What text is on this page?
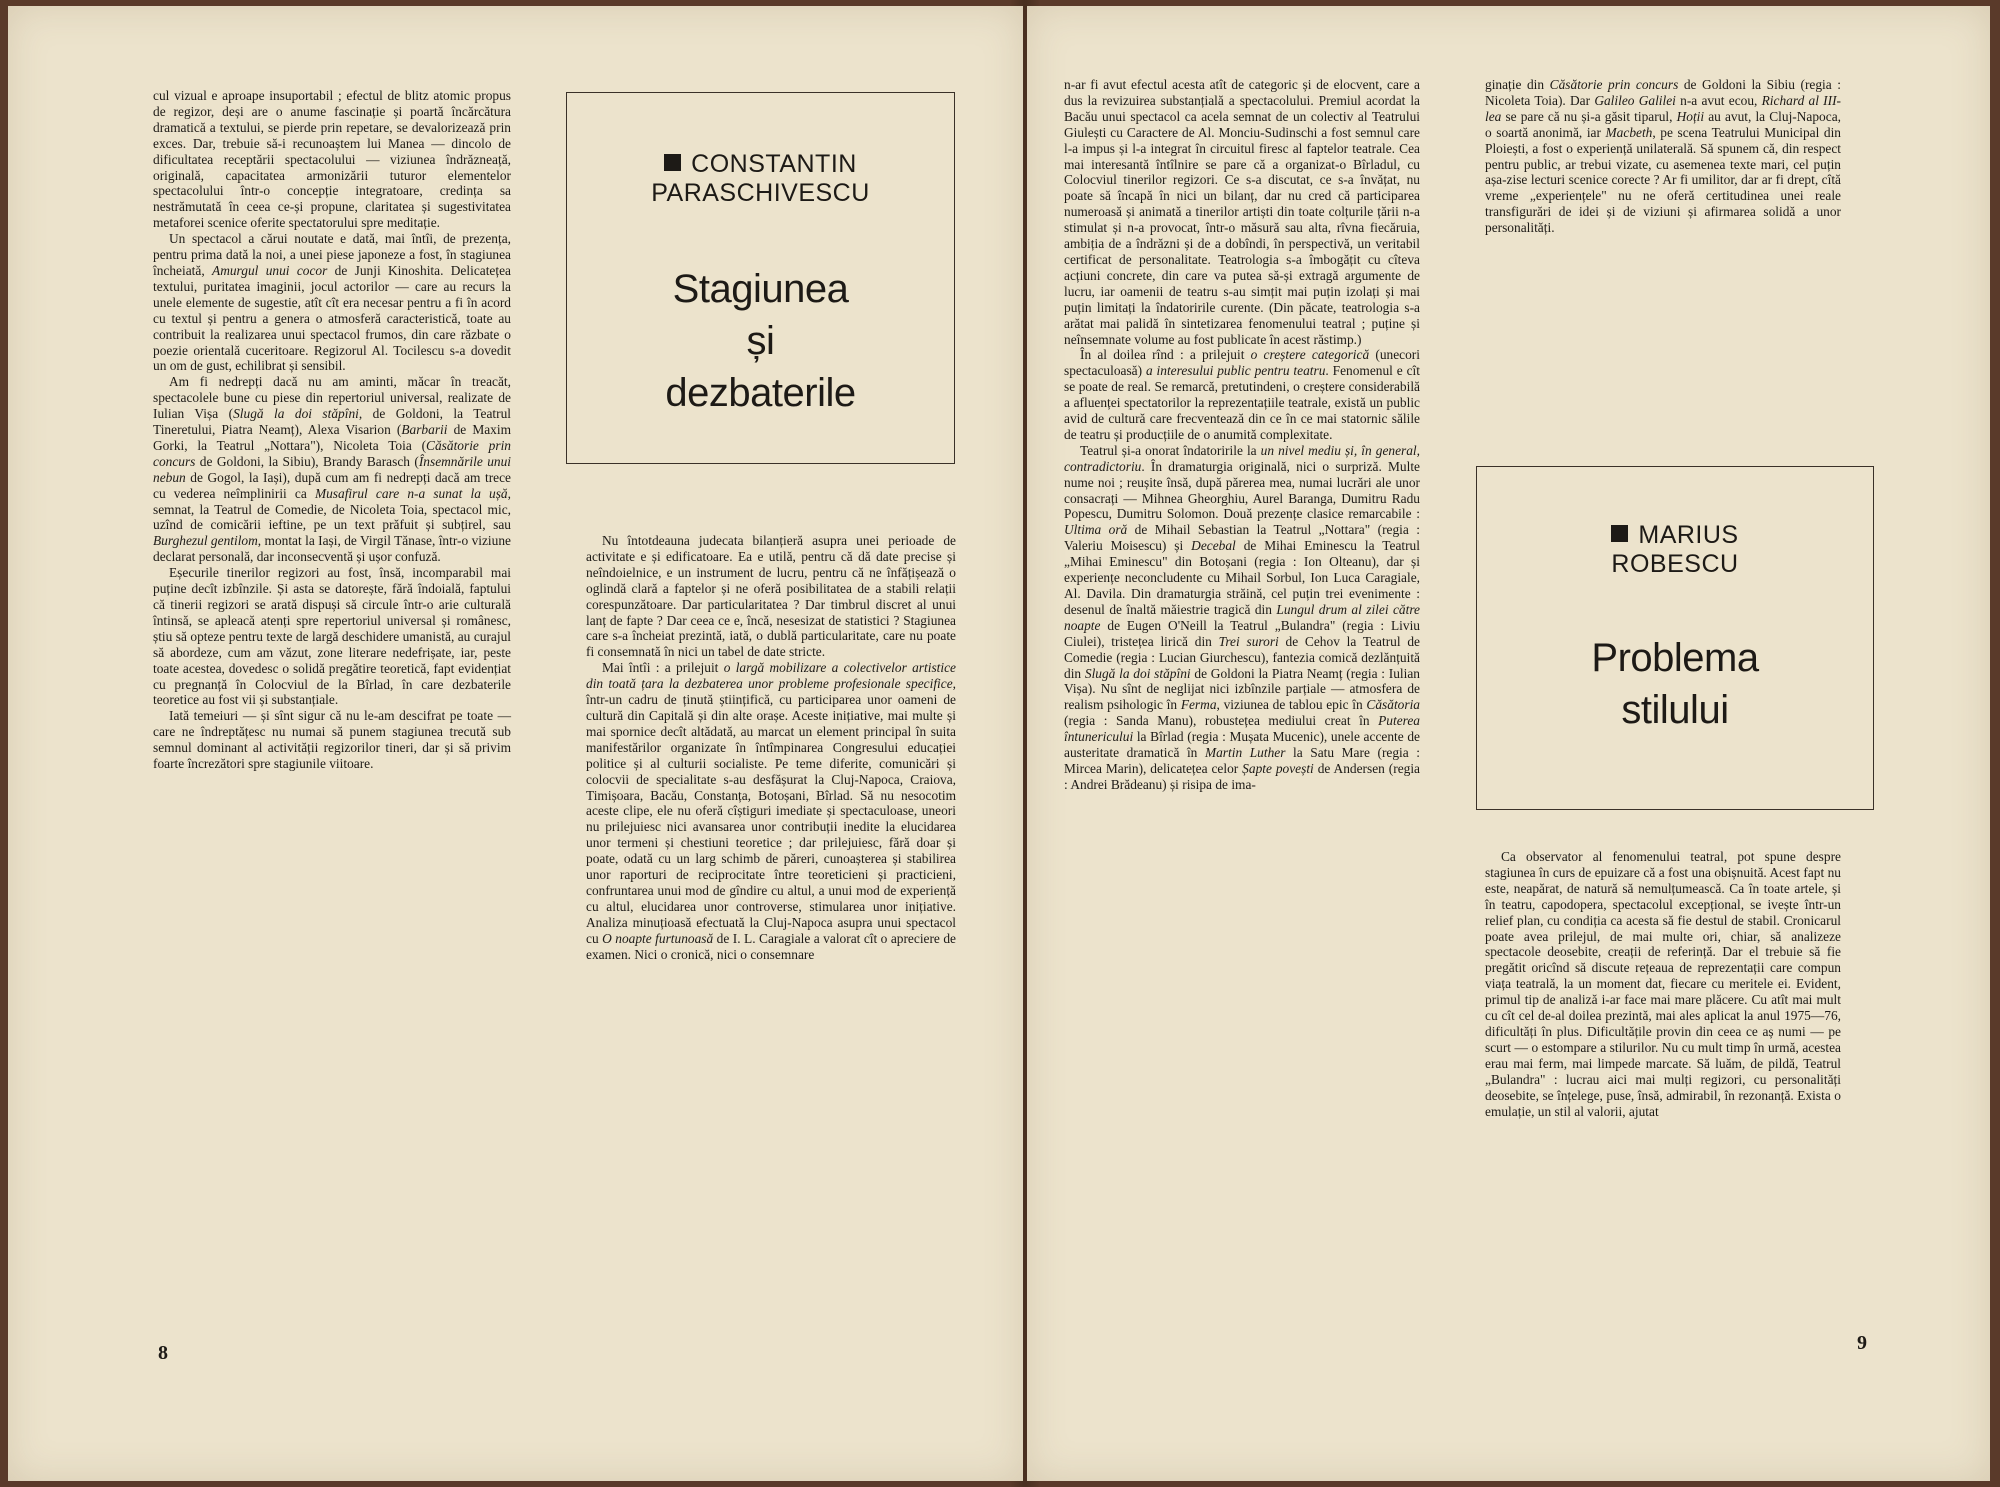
cul vizual e aproape insuportabil ; efectul de blitz atomic propus de regizor, deși are o anume fascinație și poartă încărcătura dramatică a textului, se pierde prin repetare, se devalorizează prin exces. Dar, trebuie să-i recunoaștem lui Manea — dincolo de dificultatea receptării spectacolului — viziunea îndrăzneață, originală, capacitatea armonizării tuturor elementelor spectacolului într-o concepție integratoare, credința sa nestrămutată în ceea ce-și propune, claritatea și sugestivitatea metaforei scenice oferite spectatorului spre meditație.

Un spectacol a cărui noutate e dată, mai întîi, de prezența, pentru prima dată la noi, a unei piese japoneze a fost, în stagiunea încheiată, Amurgul unui cocor de Junji Kinoshita. Delicatețea textului, puritatea imaginii, jocul actorilor — care au recurs la unele elemente de sugestie, atît cît era necesar pentru a fi în acord cu textul și pentru a genera o atmosferă caracteristică, toate au contribuit la realizarea unui spectacol frumos, din care răzbate o poezie orientală cuceritoare. Regizorul Al. Tocilescu s-a dovedit un om de gust, echilibrat și sensibil.

Am fi nedrepți dacă nu am aminti, măcar în treacăt, spectacolele bune cu piese din repertoriul universal, realizate de Iulian Vișa (Slugă la doi stăpîni, de Goldoni, la Teatrul Tineretului, Piatra Neamț), Alexa Visarion (Barbarii de Maxim Gorki, la Teatrul „Nottara"), Nicoleta Toia (Căsătorie prin concurs de Goldoni, la Sibiu), Brandy Barasch (Însemnările unui nebun de Gogol, la Iași), după cum am fi nedrepți dacă am trece cu vederea neîmplinirii ca Musafirul care n-a sunat la ușă, semnat, la Teatrul de Comedie, de Nicoleta Toia, spectacol mic, uzînd de comicării ieftine, pe un text prăfuit și subțirel, sau Burghezul gentilom, montat la Iași, de Virgil Tănase, într-o viziune declarat personală, dar inconsecventă și ușor confuză.

Eșecurile tinerilor regizori au fost, însă, incomparabil mai puține decît izbînzile. Și asta se datorește, fără îndoială, faptului că tinerii regizori se arată dispuși să circule într-o arie culturală întinsă, se apleacă atenți spre repertoriul universal și românesc, știu să opteze pentru texte de largă deschidere umanistă, au curajul să abordeze, cum am văzut, zone literare nedefrișate, iar, peste toate acestea, dovedesc o solidă pregătire teoretică, fapt evidențiat cu pregnanță în Colocviul de la Bîrlad, în care dezbaterile teoretice au fost vii și substanțiale.

Iată temeiuri — și sînt sigur că nu le-am descifrat pe toate — care ne îndreptățesc nu numai să punem stagiunea trecută sub semnul dominant al activității regizorilor tineri, dar și să privim foarte încrezători spre stagiunile viitoare.

CONSTANTIN PARASCHIVESCU
Stagiunea
și
dezbaterile

Nu întotdeauna judecata bilanțieră asupra unei perioade de activitate e și edificatoare. Ea e utilă, pentru că dă date precise și neîndoielnice, e un instrument de lucru, pentru că ne înfățișează o oglindă clară a faptelor și ne oferă posibilitatea de a stabili relații corespunzătoare. Dar particularitatea ? Dar timbrul discret al unui lanț de fapte ? Dar ceea ce e, încă, nesesizat de statistici ? Stagiunea care s-a încheiat prezintă, iată, o dublă particularitate, care nu poate fi consemnată în nici un tabel de date stricte.

Mai întîi : a prilejuit o largă mobilizare a colectivelor artistice din toată țara la dezbaterea unor probleme profesionale specifice, într-un cadru de ținută științifică, cu participarea unor oameni de cultură din Capitală și din alte orașe. Aceste inițiative, mai multe și mai spornice decît altădată, au marcat un element principal în suita manifestărilor organizate în întîmpinarea Congresului educației politice și al culturii socialiste. Pe teme diferite, comunicări și colocvii de specialitate s-au desfășurat la Cluj-Napoca, Craiova, Timișoara, Bacău, Constanța, Botoșani, Bîrlad. Să nu nesocotim aceste clipe, ele nu oferă cîștiguri imediate și spectaculoase, uneori nu prilejuiesc nici avansarea unor contribuții inedite la elucidarea unor termeni și chestiuni teoretice ; dar prilejuiesc, fără doar și poate, odată cu un larg schimb de păreri, cunoașterea și stabilirea unor raporturi de reciprocitate între teoreticieni și practicieni, confruntarea unui mod de gîndire cu altul, a unui mod de experiență cu altul, elucidarea unor controverse, stimularea unor inițiative. Analiza minuțioasă efectuată la Cluj-Napoca asupra unui spectacol cu O noapte furtunoasă de I. L. Caragiale a valorat cît o apreciere de examen. Nici o cronică, nici o consemnare

8

n-ar fi avut efectul acesta atît de categoric și de elocvent, care a dus la revizuirea substanțială a spectacolului. Premiul acordat la Bacău unui spectacol ca acela semnat de un colectiv al Teatrului Giulești cu Caractere de Al. Monciu-Sudinschi a fost semnul care l-a impus și l-a integrat în circuitul firesc al faptelor teatrale. Cea mai interesantă întîlnire se pare că a organizat-o Bîrladul, cu Colocviul tinerilor regizori. Ce s-a discutat, ce s-a învățat, nu poate să încapă în nici un bilanț, dar nu cred că participarea numeroasă și animată a tinerilor artiști din toate colțurile țării n-a stimulat și n-a provocat, într-o măsură sau alta, rîvna fiecăruia, ambiția de a îndrăzni și de a dobîndi, în perspectivă, un veritabil certificat de personalitate. Teatrologia s-a îmbogățit cu cîteva acțiuni concrete, din care va putea să-și extragă argumente de lucru, iar oamenii de teatru s-au simțit mai puțin izolați și mai puțin limitați la îndatoririle curente. (Din păcate, teatrologia s-a arătat mai palidă în sintetizarea fenomenului teatral ; puține și neînsemnate volume au fost publicate în acest răstimp.)

În al doilea rînd : a prilejuit o creștere categorică (unecori spectaculoasă) a interesului public pentru teatru. Fenomenul e cît se poate de real. Se remarcă, pretutindeni, o creștere considerabilă a afluenței spectatorilor la reprezentațiile teatrale, există un public avid de cultură care frecventează din ce în ce mai statornic sălile de teatru și producțiile de o anumită complexitate.

Teatrul și-a onorat îndatoririle la un nivel mediu și, în general, contradictoriu. În dramaturgia originală, nici o surpriză. Multe nume noi ; reușite însă, după părerea mea, numai lucrări ale unor consacrați — Mihnea Gheorghiu, Aurel Baranga, Dumitru Radu Popescu, Dumitru Solomon. Două prezențe clasice remarcabile : Ultima oră de Mihail Sebastian la Teatrul „Nottara" (regia : Valeriu Moisescu) și Decebal de Mihai Eminescu la Teatrul „Mihai Eminescu" din Botoșani (regia : Ion Olteanu), dar și experiențe neconcludente cu Mihail Sorbul, Ion Luca Caragiale, Al. Davila. Din dramaturgia străină, cel puțin trei evenimente : desenul de înaltă măiestrie tragică din Lungul drum al zilei către noapte de Eugen O'Neill la Teatrul „Bulandra" (regia : Liviu Ciulei), tristețea lirică din Trei surori de Cehov la Teatrul de Comedie (regia : Lucian Giurchescu), fantezia comică dezlănțuită din Slugă la doi stăpîni de Goldoni la Piatra Neamț (regia : Iulian Vișa). Nu sînt de neglijat nici izbînzile parțiale — atmosfera de realism psihologic în Ferma, viziunea de tablou epic în Căsătoria (regia : Sanda Manu), robustețea mediului creat în Puterea întunericului la Bîrlad (regia : Mușata Mucenic), unele accente de austeritate dramatică în Martin Luther la Satu Mare (regia : Mircea Marin), delicatețea celor Șapte povești de Andersen (regia : Andrei Brădeanu) și risipa de ima-

ginație din Căsătorie prin concurs de Goldoni la Sibiu (regia : Nicoleta Toia). Dar Galileo Galilei n-a avut ecou, Richard al III-lea se pare că nu și-a găsit tiparul, Hoții au avut, la Cluj-Napoca, o soartă anonimă, iar Macbeth, pe scena Teatrului Municipal din Ploiești, a fost o experiență unilaterală. Să spunem că, din respect pentru public, ar trebui vizate, cu asemenea texte mari, cel puțin așa-zise lecturi scenice corecte ? Ar fi umilitor, dar ar fi drept, cîtă vreme „experiențele" nu ne oferă certitudinea unei reale transfigurări de idei și de viziuni și afirmarea solidă a unor personalități.

MARIUS
ROBESCU
Problema
stilului

Ca observator al fenomenului teatral, pot spune despre stagiunea în curs de epuizare că a fost una obișnuită. Acest fapt nu este, neapărat, de natură să nemulțumească. Ca în toate artele, și în teatru, capodopera, spectacolul excepțional, se ivește într-un relief plan, cu condiția ca acesta să fie destul de stabil. Cronicarul poate avea prilejul, de mai multe ori, chiar, să analizeze spectacole deosebite, creații de referință. Dar el trebuie să fie pregătit oricînd să discute rețeaua de reprezentații care compun viața teatrală, la un moment dat, fiecare cu meritele ei. Evident, primul tip de analiză i-ar face mai mare plăcere. Cu atît mai mult cu cît cel de-al doilea prezintă, mai ales aplicat la anul 1975—76, dificultăți în plus. Dificultățile provin din ceea ce aș numi — pe scurt — o estompare a stilurilor. Nu cu mult timp în urmă, acestea erau mai ferm, mai limpede marcate. Să luăm, de pildă, Teatrul „Bulandra" : lucrau aici mai mulți regizori, cu personalități deosebite, se înțelege, puse, însă, admirabil, în rezonanță. Exista o emulație, un stil al valorii, ajutat

9
